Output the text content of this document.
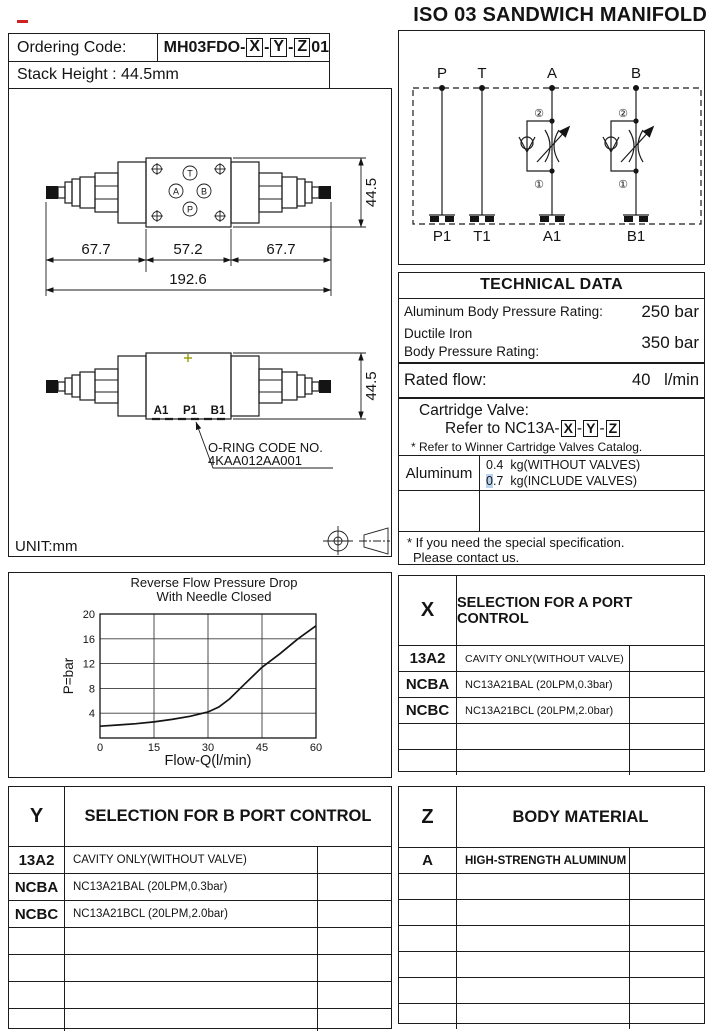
ISO 03 SANDWICH MANIFOLD
Ordering Code:	MH03FDO- X - Y - Z 01
Stack Height : 44.5mm
T
A B
P
67.7	57.2	67.7
192.6
44.5
A1 P1 B1
O-RING CODE NO.
4KAA012AA001
44.5
UNIT:mm
P T	A	B
P1 T1	A1	B1
TECHNICAL DATA
Aluminum Body Pressure Rating: 250 bar
Ductile Iron
Body Pressure Rating:	350 bar
Rated flow:	40 l/min
Cartridge Valve:
Refer to NC13A- X - Y - Z
* Refer to Winner Cartridge Valves Catalog.
Aluminum	0.4 kg(WITHOUT VALVES)
0.7 kg(INCLUDE VALVES)
* If you need the special specification.
Please contact us.
Reverse Flow Pressure Drop
With Needle Closed
4
8
12
16
20
0	15	30	45	60
P=bar
Flow-Q(l/min)
X	SELECTION FOR A PORT CONTROL
13A2	CAVITY ONLY(WITHOUT VALVE)
NCBA	NC13A21BAL (20LPM,0.3bar)
NCBC	NC13A21BCL (20LPM,2.0bar)
Y	SELECTION FOR B PORT CONTROL
13A2	CAVITY ONLY(WITHOUT VALVE)
NCBA	NC13A21BAL (20LPM,0.3bar)
NCBC	NC13A21BCL (20LPM,2.0bar)
Z	BODY MATERIAL
A	HIGH-STRENGTH ALUMINUM
